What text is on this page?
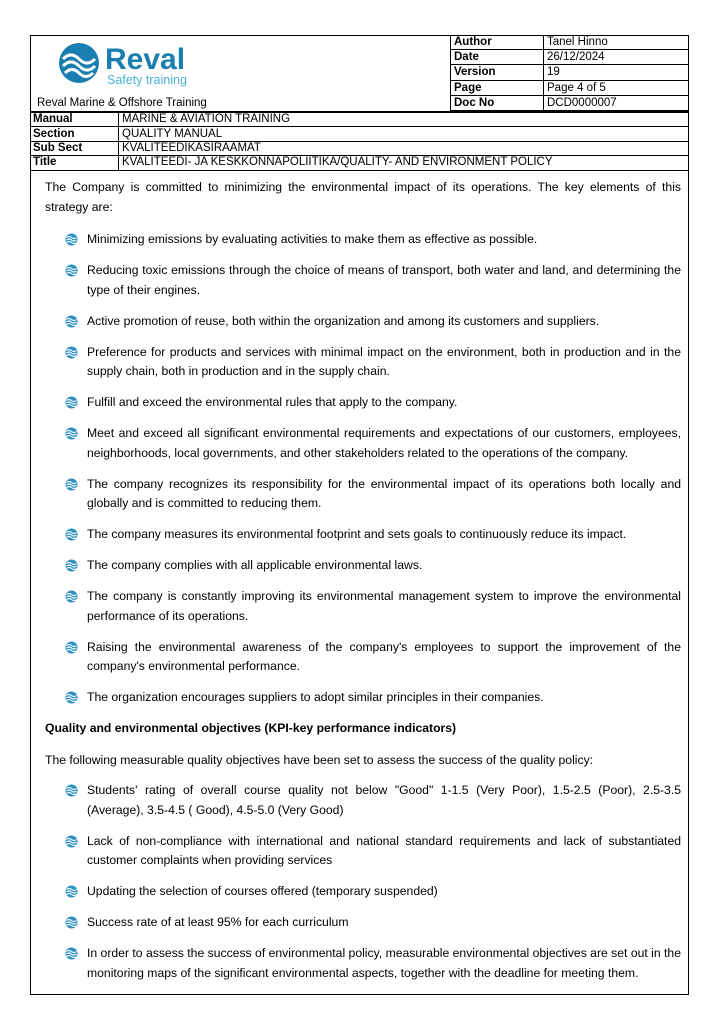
Reval
Safety training
Reval Marine & Offshore Training
Author	Tanel Hinno
Date	26/12/2024
Version	19
Page	Page 4 of 5
Doc No	DCD0000007
Manual	MARINE & AVIATION TRAINING
Section	QUALITY MANUAL
Sub Sect	KVALITEEDIKÄSIRAAMAT
Title	KVALITEEDI- JA KESKKONNAPOLIITIKA/QUALITY- AND ENVIRONMENT POLICY

The Company is committed to minimizing the environmental impact of its operations. The key elements of this strategy are:

Minimizing emissions by evaluating activities to make them as effective as possible.
Reducing toxic emissions through the choice of means of transport, both water and land, and determining the type of their engines.
Active promotion of reuse, both within the organization and among its customers and suppliers.
Preference for products and services with minimal impact on the environment, both in production and in the supply chain, both in production and in the supply chain.
Fulfill and exceed the environmental rules that apply to the company.
Meet and exceed all significant environmental requirements and expectations of our customers, employees, neighborhoods, local governments, and other stakeholders related to the operations of the company.
The company recognizes its responsibility for the environmental impact of its operations both locally and globally and is committed to reducing them.
The company measures its environmental footprint and sets goals to continuously reduce its impact.
The company complies with all applicable environmental laws.
The company is constantly improving its environmental management system to improve the environmental performance of its operations.
Raising the environmental awareness of the company's employees to support the improvement of the company's environmental performance.
The organization encourages suppliers to adopt similar principles in their companies.

Quality and environmental objectives (KPI-key performance indicators)

The following measurable quality objectives have been set to assess the success of the quality policy:

Students' rating of overall course quality not below "Good" 1-1.5 (Very Poor), 1.5-2.5 (Poor), 2.5-3.5 (Average), 3.5-4.5 ( Good), 4.5-5.0 (Very Good)
Lack of non-compliance with international and national standard requirements and lack of substantiated customer complaints when providing services
Updating the selection of courses offered (temporary suspended)
Success rate of at least 95% for each curriculum
In order to assess the success of environmental policy, measurable environmental objectives are set out in the monitoring maps of the significant environmental aspects, together with the deadline for meeting them.
